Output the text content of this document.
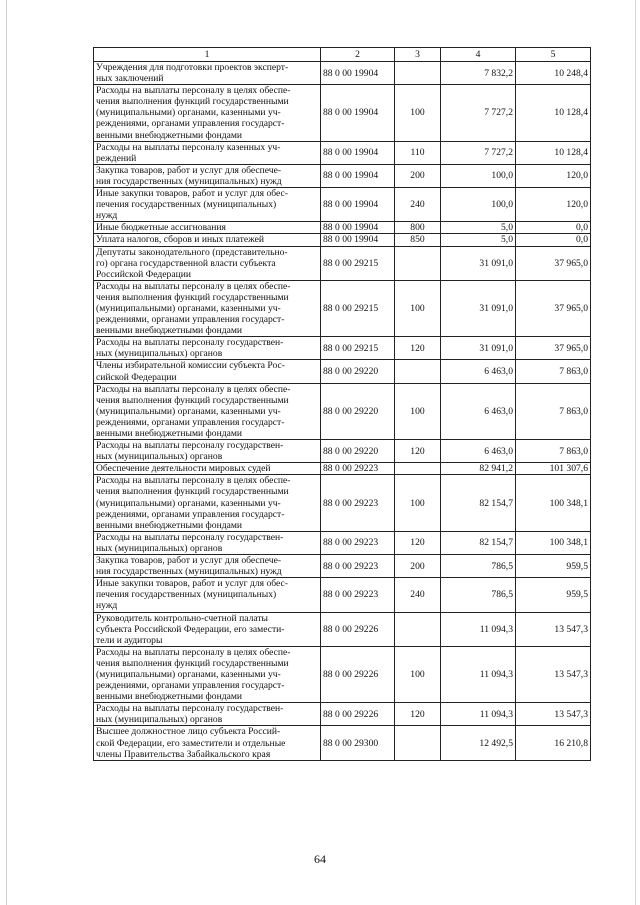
1	2	3	4	5
Учреждения для подготовки проектов эксперт-
ных заключений	88 0 00 19904		7 832,2	10 248,4
Расходы на выплаты персоналу в целях обеспе-
чения выполнения функций государственными
(муниципальными) органами, казенными уч-
реждениями, органами управления государст-
венными внебюджетными фондами	88 0 00 19904	100	7 727,2	10 128,4
Расходы на выплаты персоналу казенных уч-
реждений	88 0 00 19904	110	7 727,2	10 128,4
Закупка товаров, работ и услуг для обеспече-
ния государственных (муниципальных) нужд	88 0 00 19904	200	100,0	120,0
Иные закупки товаров, работ и услуг для обес-
печения государственных (муниципальных)
нужд	88 0 00 19904	240	100,0	120,0
Иные бюджетные ассигнования	88 0 00 19904	800	5,0	0,0
Уплата налогов, сборов и иных платежей	88 0 00 19904	850	5,0	0,0
Депутаты законодательного (представительно-
го) органа государственной власти субъекта
Российской Федерации	88 0 00 29215		31 091,0	37 965,0
Расходы на выплаты персоналу в целях обеспе-
чения выполнения функций государственными
(муниципальными) органами, казенными уч-
реждениями, органами управления государст-
венными внебюджетными фондами	88 0 00 29215	100	31 091,0	37 965,0
Расходы на выплаты персоналу государствен-
ных (муниципальных) органов	88 0 00 29215	120	31 091,0	37 965,0
Члены избирательной комиссии субъекта Рос-
сийской Федерации	88 0 00 29220		6 463,0	7 863,0
Расходы на выплаты персоналу в целях обеспе-
чения выполнения функций государственными
(муниципальными) органами, казенными уч-
реждениями, органами управления государст-
венными внебюджетными фондами	88 0 00 29220	100	6 463,0	7 863,0
Расходы на выплаты персоналу государствен-
ных (муниципальных) органов	88 0 00 29220	120	6 463,0	7 863,0
Обеспечение деятельности мировых судей	88 0 00 29223		82 941,2	101 307,6
Расходы на выплаты персоналу в целях обеспе-
чения выполнения функций государственными
(муниципальными) органами, казенными уч-
реждениями, органами управления государст-
венными внебюджетными фондами	88 0 00 29223	100	82 154,7	100 348,1
Расходы на выплаты персоналу государствен-
ных (муниципальных) органов	88 0 00 29223	120	82 154,7	100 348,1
Закупка товаров, работ и услуг для обеспече-
ния государственных (муниципальных) нужд	88 0 00 29223	200	786,5	959,5
Иные закупки товаров, работ и услуг для обес-
печения государственных (муниципальных)
нужд	88 0 00 29223	240	786,5	959,5
Руководитель контрольно-счетной палаты
субъекта Российской Федерации, его замести-
тели и аудиторы	88 0 00 29226		11 094,3	13 547,3
Расходы на выплаты персоналу в целях обеспе-
чения выполнения функций государственными
(муниципальными) органами, казенными уч-
реждениями, органами управления государст-
венными внебюджетными фондами	88 0 00 29226	100	11 094,3	13 547,3
Расходы на выплаты персоналу государствен-
ных (муниципальных) органов	88 0 00 29226	120	11 094,3	13 547,3
Высшее должностное лицо субъекта Россий-
ской Федерации, его заместители и отдельные
члены Правительства Забайкальского края	88 0 00 29300		12 492,5	16 210,8
64
